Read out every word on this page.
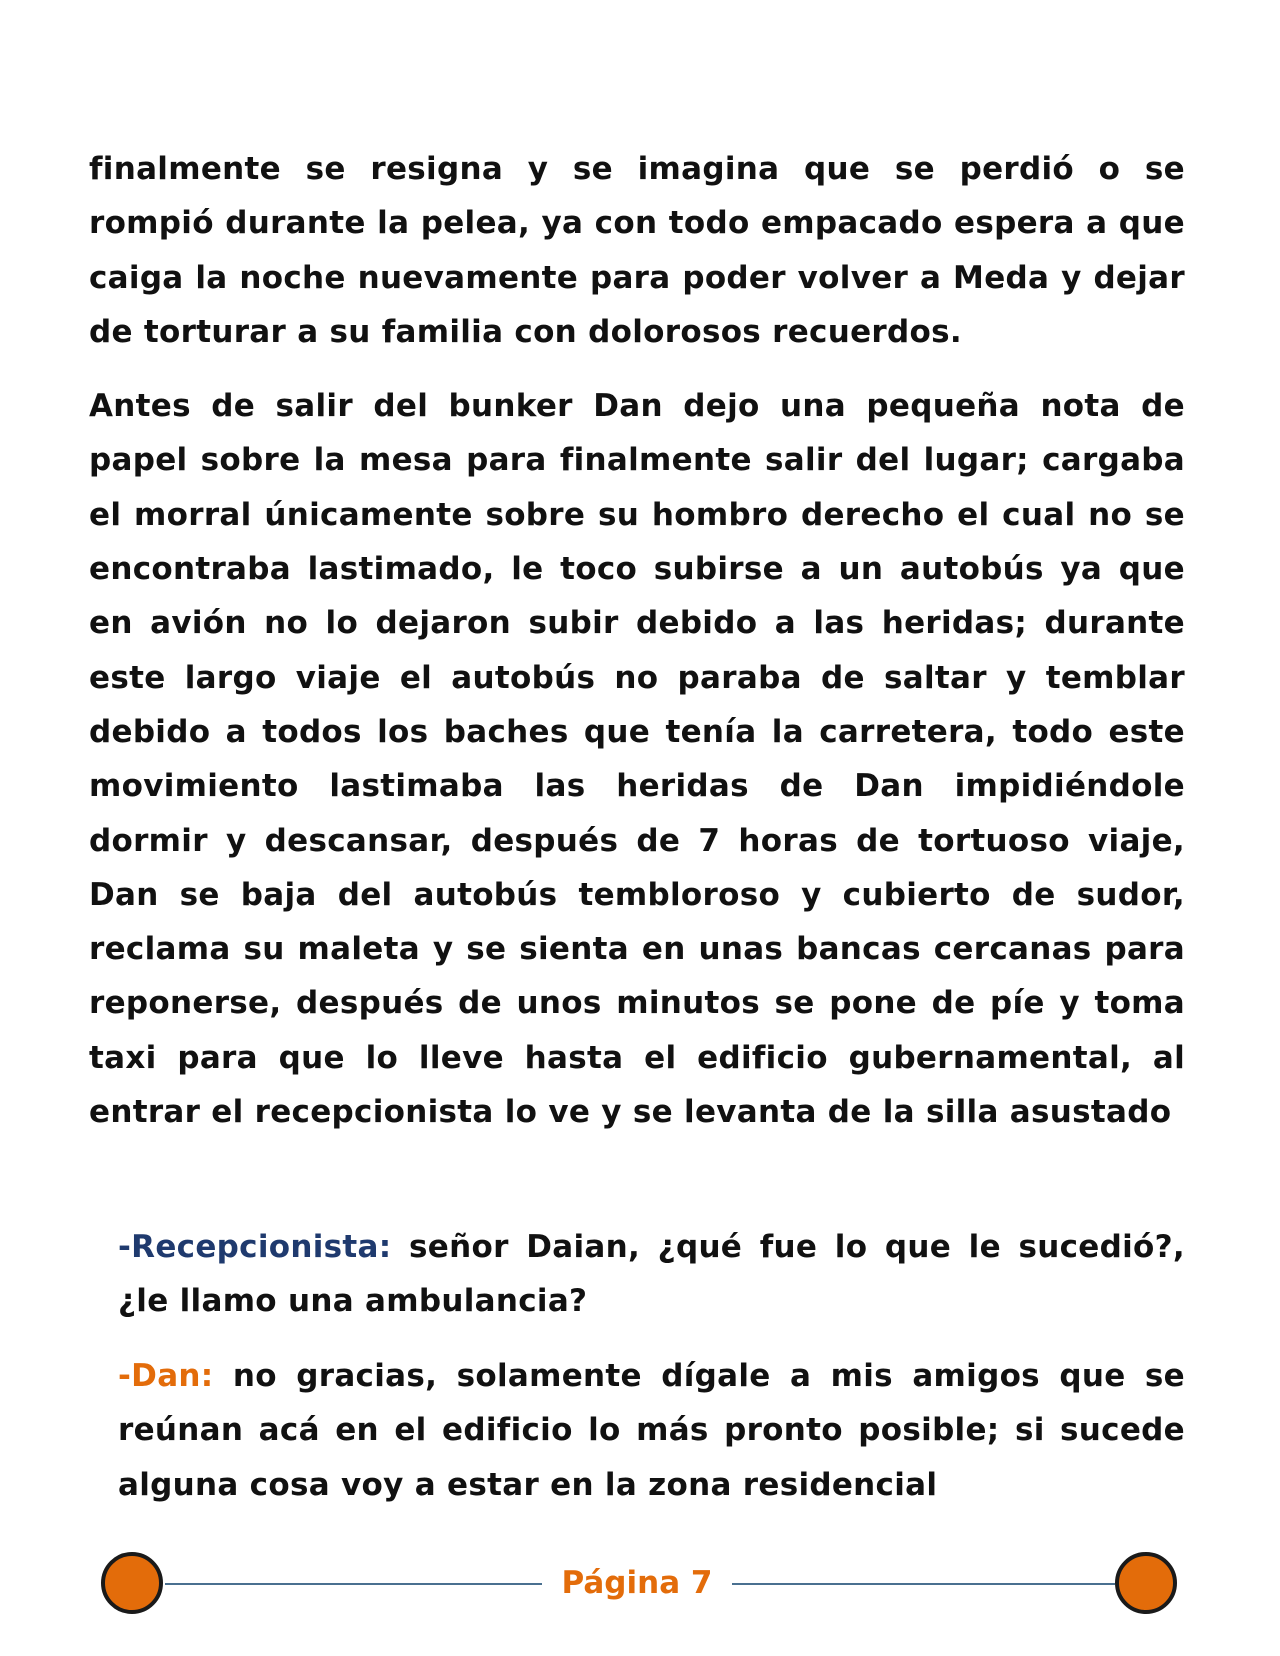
finalmente se resigna y se imagina que se perdió o se rompió durante la pelea, ya con todo empacado espera a que caiga la noche nuevamente para poder volver a Meda y dejar de torturar a su familia con dolorosos recuerdos.

Antes de salir del bunker Dan dejo una pequeña nota de papel sobre la mesa para finalmente salir del lugar; cargaba el morral únicamente sobre su hombro derecho el cual no se encontraba lastimado, le toco subirse a un autobús ya que en avión no lo dejaron subir debido a las heridas; durante este largo viaje el autobús no paraba de saltar y temblar debido a todos los baches que tenía la carretera, todo este movimiento lastimaba las heridas de Dan impidiéndole dormir y descansar, después de 7 horas de tortuoso viaje, Dan se baja del autobús tembloroso y cubierto de sudor, reclama su maleta y se sienta en unas bancas cercanas para reponerse, después de unos minutos se pone de píe y toma taxi para que lo lleve hasta el edificio gubernamental, al entrar el recepcionista lo ve y se levanta de la silla asustado

-Recepcionista: señor Daian, ¿qué fue lo que le sucedió?, ¿le llamo una ambulancia?

-Dan: no gracias, solamente dígale a mis amigos que se reúnan acá en el edificio lo más pronto posible; si sucede alguna cosa voy a estar en la zona residencial

Página 7
